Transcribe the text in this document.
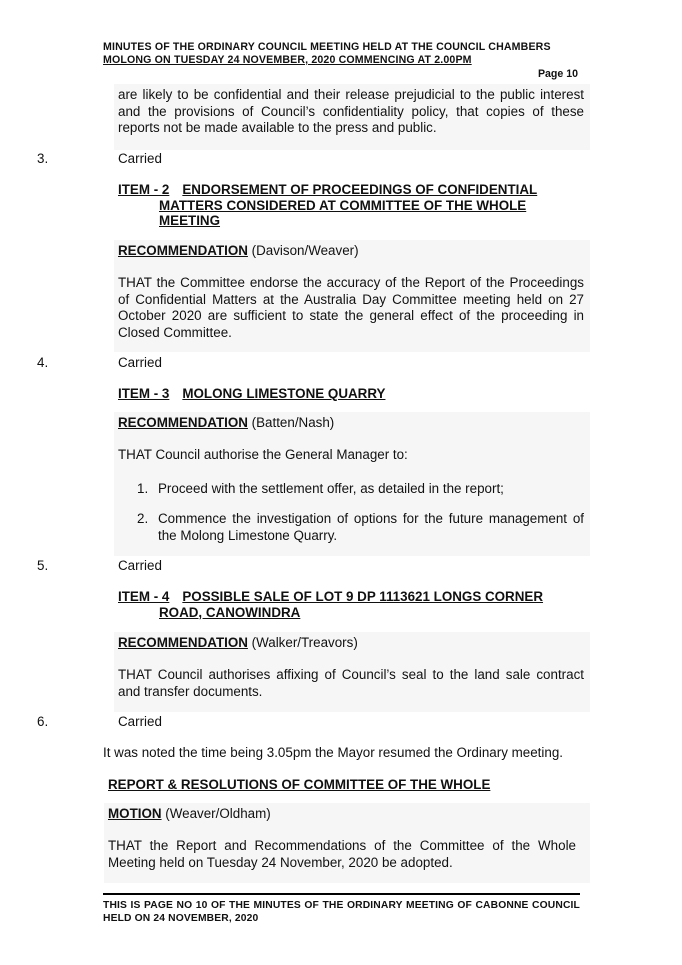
MINUTES OF THE ORDINARY COUNCIL MEETING HELD AT THE COUNCIL CHAMBERS
MOLONG ON TUESDAY 24 NOVEMBER, 2020 COMMENCING AT 2.00PM
Page 10
are likely to be confidential and their release prejudicial to the public interest and the provisions of Council’s confidentiality policy, that copies of these reports not be made available to the press and public.
3.	Carried
ITEM - 2 ENDORSEMENT OF PROCEEDINGS OF CONFIDENTIAL
MATTERS CONSIDERED AT COMMITTEE OF THE WHOLE
MEETING
RECOMMENDATION (Davison/Weaver)
THAT the Committee endorse the accuracy of the Report of the Proceedings of Confidential Matters at the Australia Day Committee meeting held on 27 October 2020 are sufficient to state the general effect of the proceeding in Closed Committee.
4.	Carried
ITEM - 3 MOLONG LIMESTONE QUARRY
RECOMMENDATION (Batten/Nash)
THAT Council authorise the General Manager to:
1. Proceed with the settlement offer, as detailed in the report;
2. Commence the investigation of options for the future management of the Molong Limestone Quarry.
5.	Carried
ITEM - 4 POSSIBLE SALE OF LOT 9 DP 1113621 LONGS CORNER
ROAD, CANOWINDRA
RECOMMENDATION (Walker/Treavors)
THAT Council authorises affixing of Council’s seal to the land sale contract and transfer documents.
6.	Carried
It was noted the time being 3.05pm the Mayor resumed the Ordinary meeting.
REPORT & RESOLUTIONS OF COMMITTEE OF THE WHOLE
MOTION (Weaver/Oldham)
THAT the Report and Recommendations of the Committee of the Whole Meeting held on Tuesday 24 November, 2020 be adopted.
THIS IS PAGE NO 10 OF THE MINUTES OF THE ORDINARY MEETING OF CABONNE COUNCIL HELD ON 24 NOVEMBER, 2020
